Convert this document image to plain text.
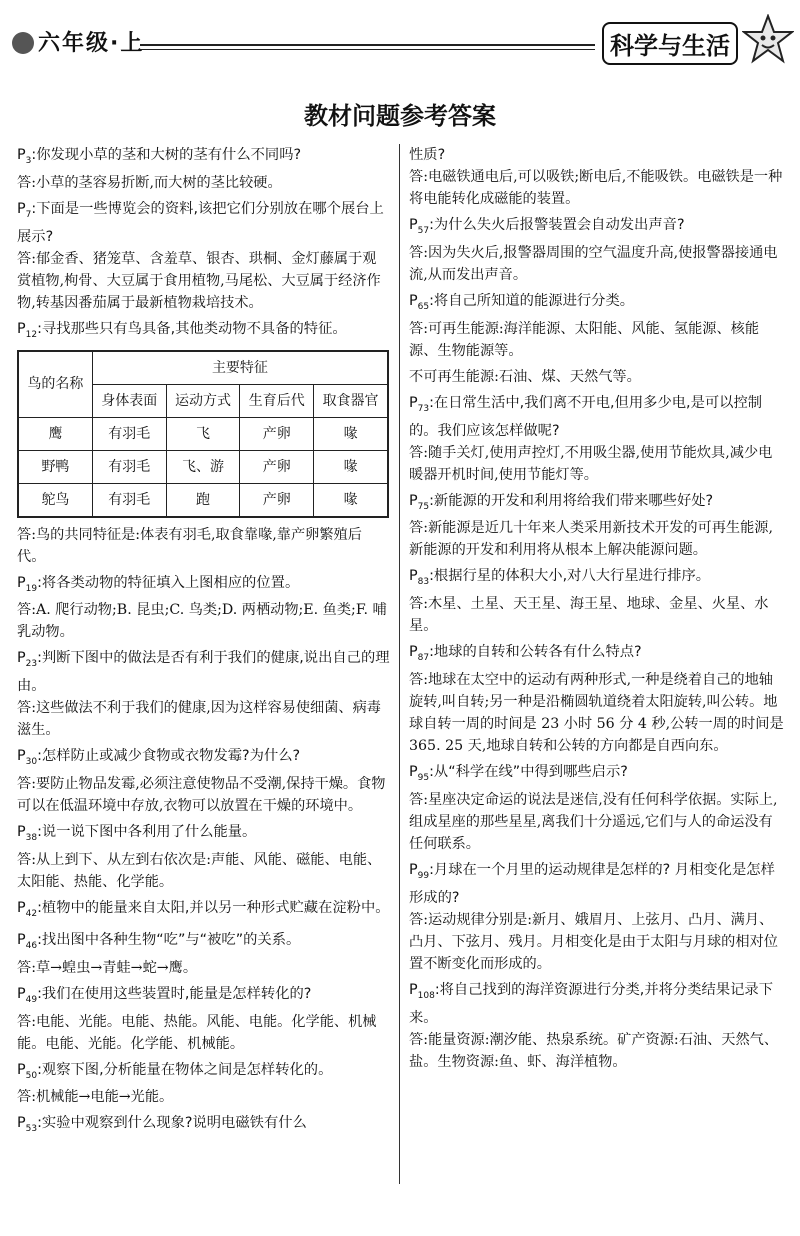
六年级·上	科学与生活
教材问题参考答案
$P_3$:你发现小草的茎和大树的茎有什么不同吗?
答:小草的茎容易折断,而大树的茎比较硬。
$P_7$:下面是一些博览会的资料,该把它们分别放在哪个展台上展示?
答:郁金香、猪笼草、含羞草、银杏、珙桐、金灯藤属于观赏植物,枸骨、大豆属于食用植物,马尾松、大豆属于经济作物,转基因番茄属于最新植物栽培技术。
$P_{12}$:寻找那些只有鸟具备,其他类动物不具备的特征。
鸟的名称	主要特征			
	身体表面	运动方式	生育后代	取食器官
鹰	有羽毛	飞	产卵	喙
野鸭	有羽毛	飞、游	产卵	喙
鸵鸟	有羽毛	跑	产卵	喙
答:鸟的共同特征是:体表有羽毛,取食靠喙,靠产卵繁殖后代。
$P_{19}$:将各类动物的特征填入上图相应的位置。
答:A. 爬行动物;B. 昆虫;C. 鸟类;D. 两栖动物;E. 鱼类;F. 哺乳动物。
$P_{23}$:判断下图中的做法是否有利于我们的健康,说出自己的理由。
答:这些做法不利于我们的健康,因为这样容易使细菌、病毒滋生。
$P_{30}$:怎样防止或减少食物或衣物发霉?为什么?
答:要防止物品发霉,必须注意使物品不受潮,保持干燥。食物可以在低温环境中存放,衣物可以放置在干燥的环境中。
$P_{38}$:说一说下图中各利用了什么能量。
答:从上到下、从左到右依次是:声能、风能、磁能、电能、太阳能、热能、化学能。
$P_{42}$:植物中的能量来自太阳,并以另一种形式贮藏在淀粉中。
$P_{46}$:找出图中各种生物“吃”与“被吃”的关系。
答:草→蝗虫→青蛙→蛇→鹰。
$P_{49}$:我们在使用这些装置时,能量是怎样转化的?
答:电能、光能。电能、热能。风能、电能。化学能、机械能。电能、光能。化学能、机械能。
$P_{50}$:观察下图,分析能量在物体之间是怎样转化的。
答:机械能→电能→光能。
$P_{53}$:实验中观察到什么现象?说明电磁铁有什么
性质?
答:电磁铁通电后,可以吸铁;断电后,不能吸铁。电磁铁是一种将电能转化成磁能的装置。
$P_{57}$:为什么失火后报警装置会自动发出声音?
答:因为失火后,报警器周围的空气温度升高,使报警器接通电流,从而发出声音。
$P_{65}$:将自己所知道的能源进行分类。
答:可再生能源:海洋能源、太阳能、风能、氢能源、核能源、生物能源等。
不可再生能源:石油、煤、天然气等。
$P_{73}$:在日常生活中,我们离不开电,但用多少电,是可以控制的。我们应该怎样做呢?
答:随手关灯,使用声控灯,不用吸尘器,使用节能炊具,减少电暖器开机时间,使用节能灯等。
$P_{75}$:新能源的开发和利用将给我们带来哪些好处?
答:新能源是近几十年来人类采用新技术开发的可再生能源,新能源的开发和利用将从根本上解决能源问题。
$P_{83}$:根据行星的体积大小,对八大行星进行排序。
答:木星、土星、天王星、海王星、地球、金星、火星、水星。
$P_{87}$:地球的自转和公转各有什么特点?
答:地球在太空中的运动有两种形式,一种是绕着自己的地轴旋转,叫自转;另一种是沿椭圆轨道绕着太阳旋转,叫公转。地球自转一周的时间是 23 小时 56 分 4 秒,公转一周的时间是 365. 25 天,地球自转和公转的方向都是自西向东。
$P_{95}$:从“科学在线”中得到哪些启示?
答:星座决定命运的说法是迷信,没有任何科学依据。实际上,组成星座的那些星星,离我们十分遥远,它们与人的命运没有任何联系。
$P_{99}$:月球在一个月里的运动规律是怎样的? 月相变化是怎样形成的?
答:运动规律分别是:新月、娥眉月、上弦月、凸月、满月、凸月、下弦月、残月。月相变化是由于太阳与月球的相对位置不断变化而形成的。
$P_{108}$:将自己找到的海洋资源进行分类,并将分类结果记录下来。
答:能量资源:潮汐能、热泉系统。矿产资源:石油、天然气、盐。生物资源:鱼、虾、海洋植物。
